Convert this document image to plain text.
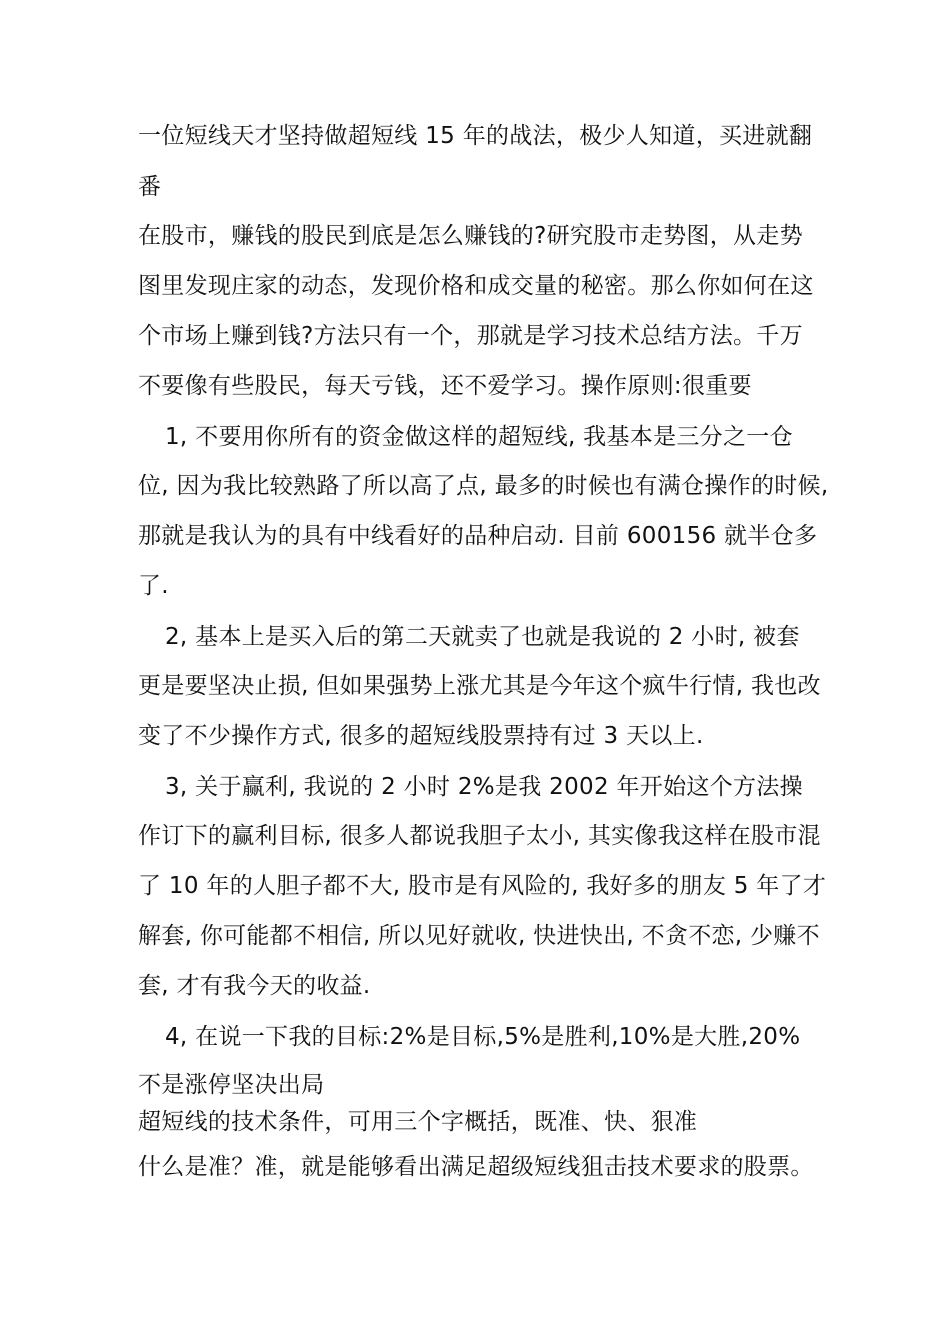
一位短线天才坚持做超短线 15 年的战法，极少人知道，买进就翻
番
在股市，赚钱的股民到底是怎么赚钱的?研究股市走势图，从走势
图里发现庄家的动态，发现价格和成交量的秘密。那么你如何在这
个市场上赚到钱?方法只有一个，那就是学习技术总结方法。千万
不要像有些股民，每天亏钱，还不爱学习。操作原则:很重要
1, 不要用你所有的资金做这样的超短线, 我基本是三分之一仓
位, 因为我比较熟路了所以高了点, 最多的时候也有满仓操作的时候,
那就是我认为的具有中线看好的品种启动. 目前 600156 就半仓多
了.
2, 基本上是买入后的第二天就卖了也就是我说的 2 小时, 被套
更是要坚决止损, 但如果强势上涨尤其是今年这个疯牛行情, 我也改
变了不少操作方式, 很多的超短线股票持有过 3 天以上.
3, 关于赢利, 我说的 2 小时 2%是我 2002 年开始这个方法操
作订下的赢利目标, 很多人都说我胆子太小, 其实像我这样在股市混
了 10 年的人胆子都不大, 股市是有风险的, 我好多的朋友 5 年了才
解套, 你可能都不相信, 所以见好就收, 快进快出, 不贪不恋, 少赚不
套, 才有我今天的收益.
4, 在说一下我的目标:2%是目标,5%是胜利,10%是大胜,20%
不是涨停坚决出局
超短线的技术条件，可用三个字概括，既准、快、狠准
什么是准？准，就是能够看出满足超级短线狙击技术要求的股票。
